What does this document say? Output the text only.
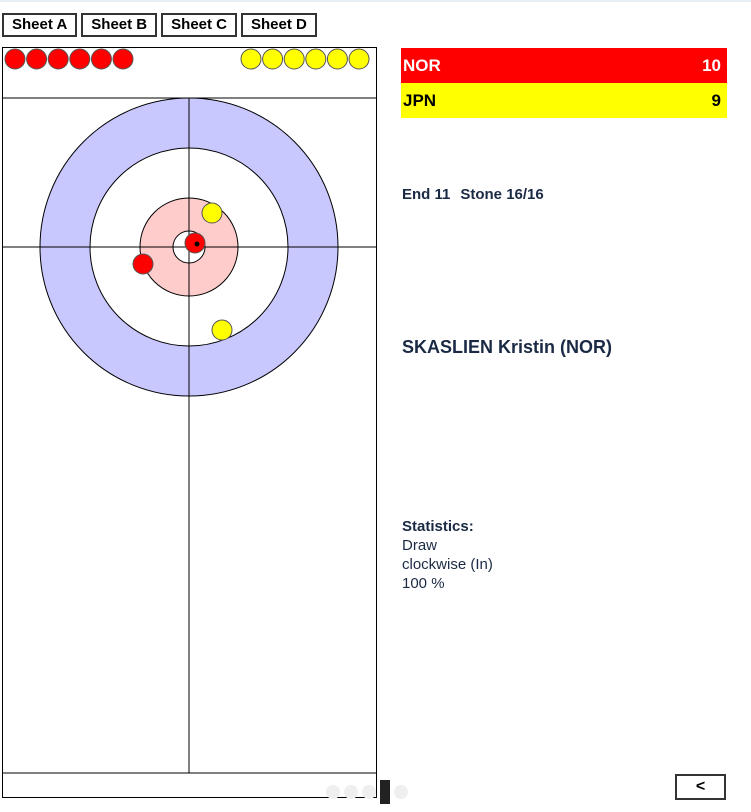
Sheet A	Sheet B	Sheet C	Sheet D
NOR	10
JPN	9
End 11 Stone 16/16
SKASLIEN Kristin (NOR)
Statistics:
Draw
clockwise (In)
100 %
<
